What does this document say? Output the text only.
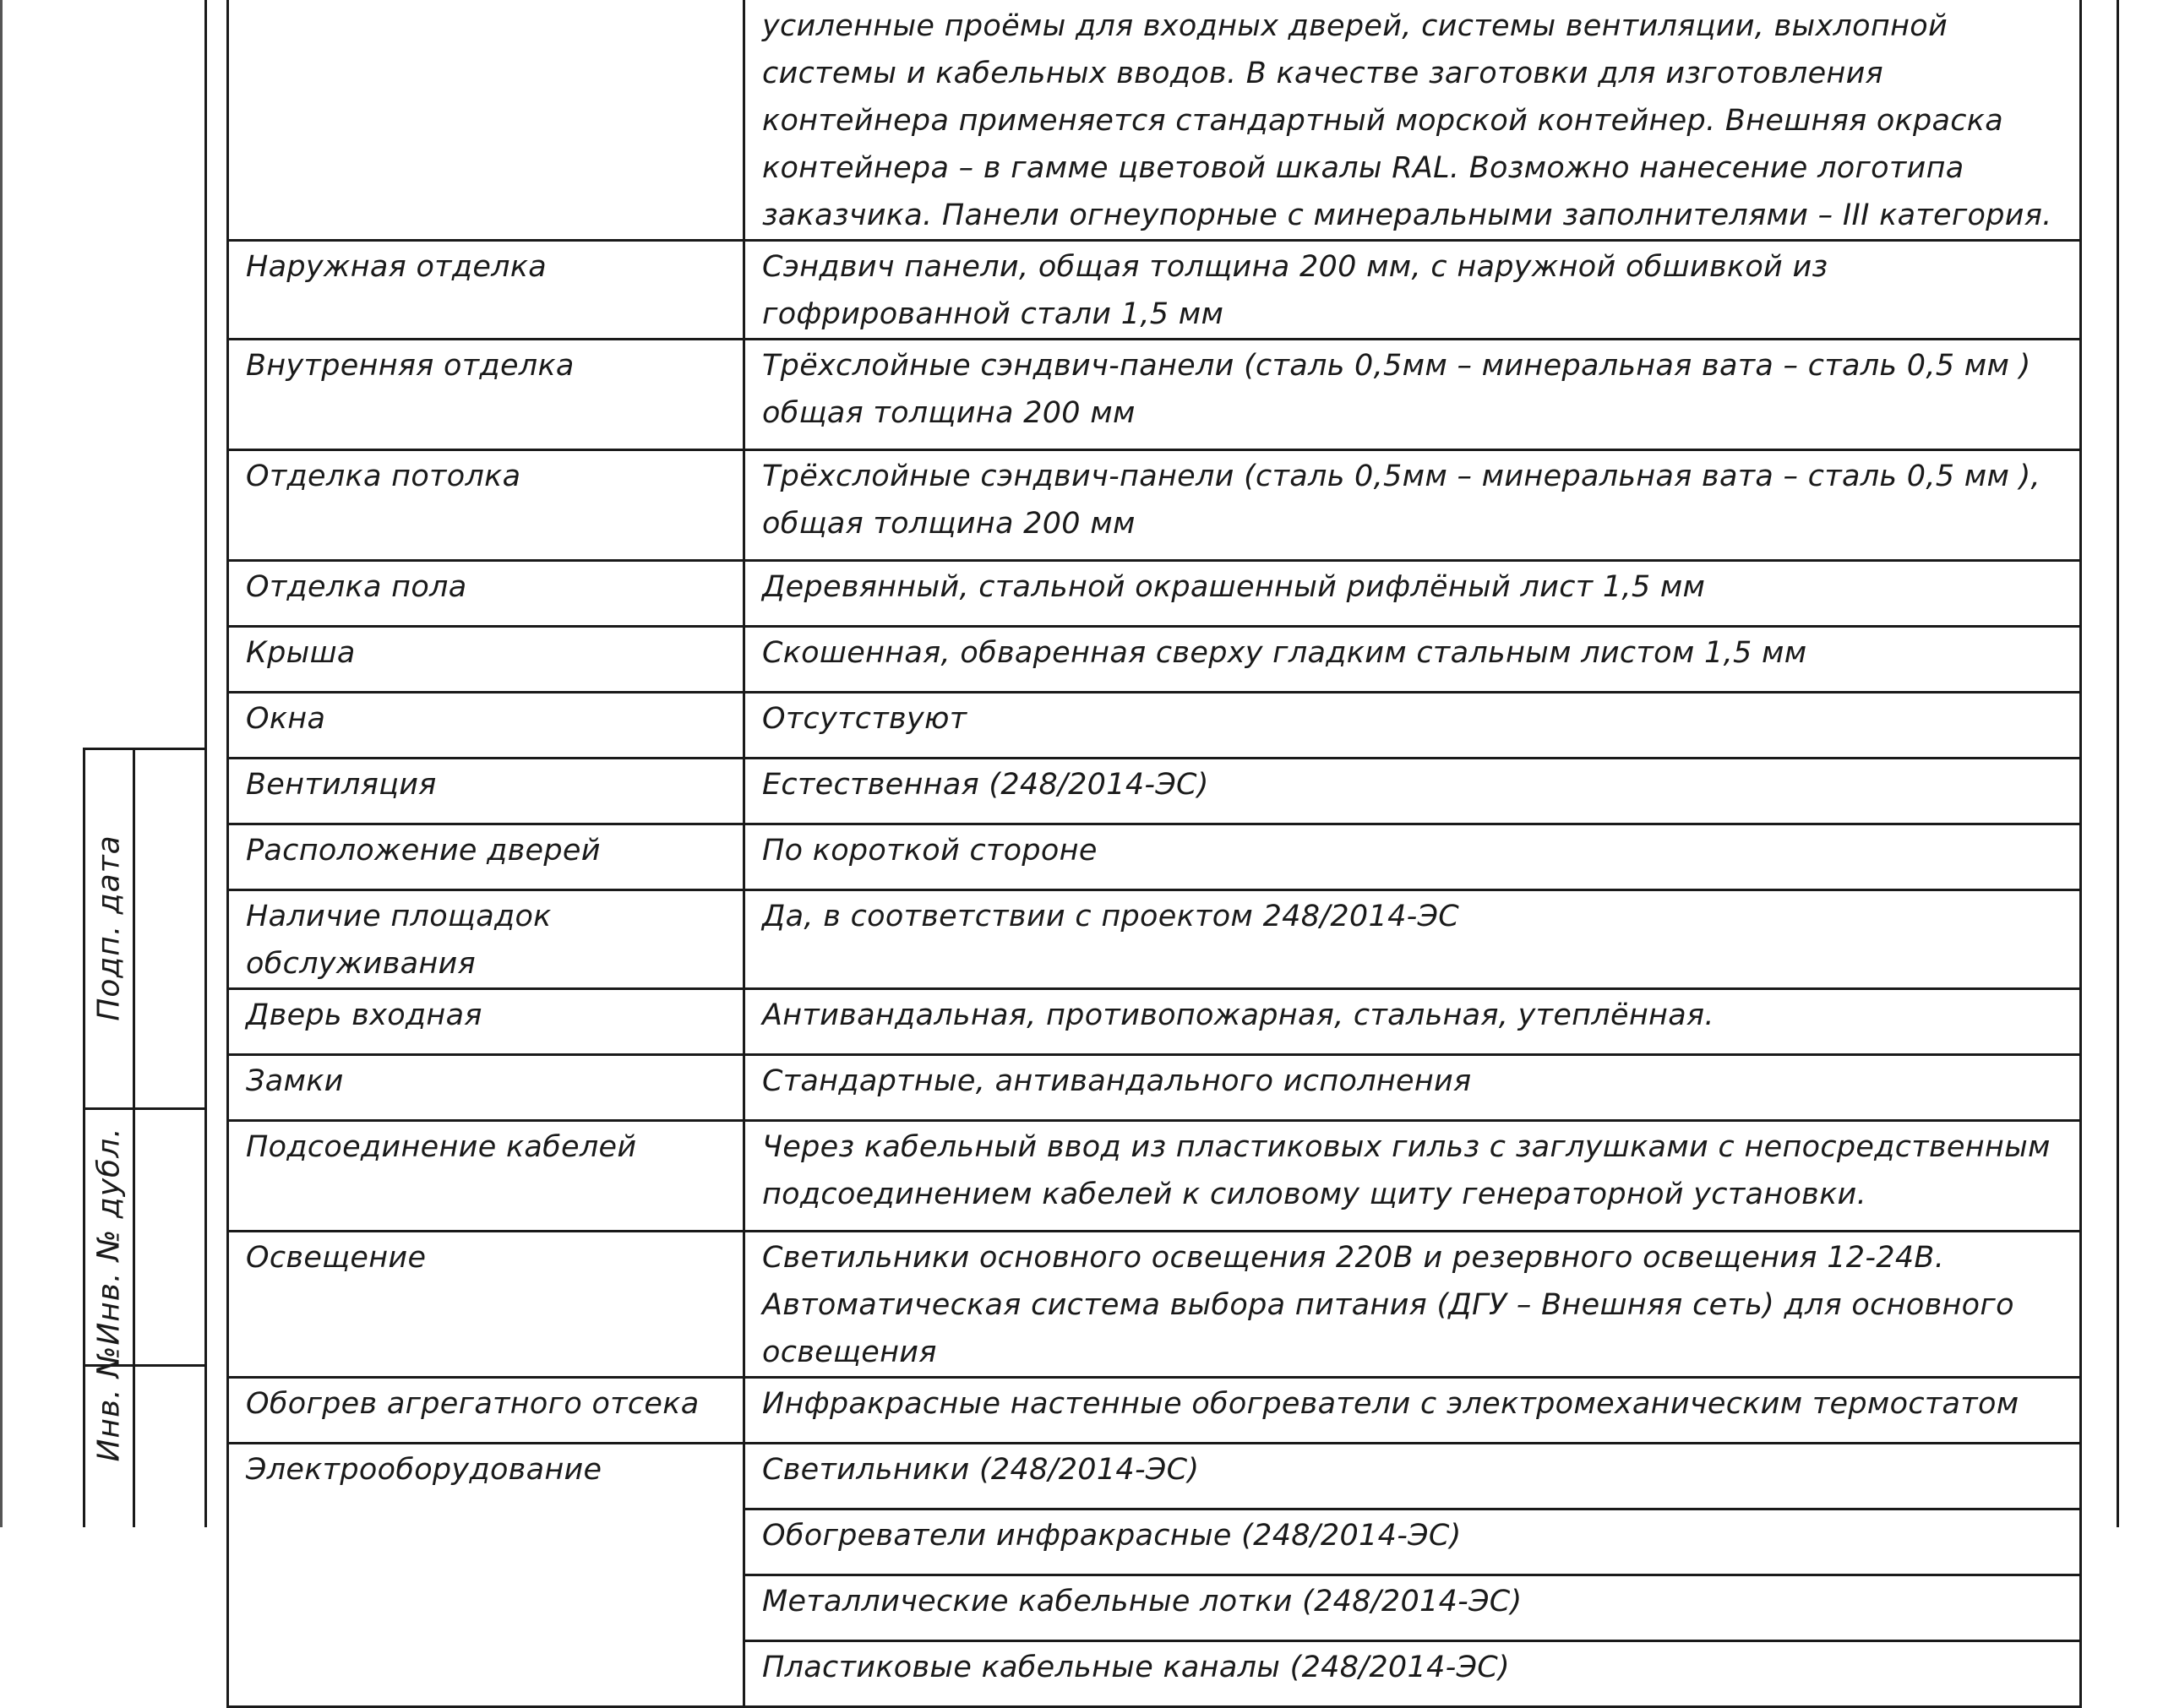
Подп. дата
Инв. № дубл.
Инв. №
	усиленные проёмы для входных дверей, системы вентиляции, выхлопной системы и кабельных вводов. В качестве заготовки для изготовления контейнера применяется стандартный морской контейнер. Внешняя окраска контейнера – в гамме цветовой шкалы RAL. Возможно нанесение логотипа заказчика. Панели огнеупорные с минеральными заполнителями – III категория.
Наружная отделка	Сэндвич панели, общая толщина 200 мм, с наружной обшивкой из гофрированной стали 1,5 мм
Внутренняя отделка	Трёхслойные сэндвич-панели (сталь 0,5мм – минеральная вата – сталь 0,5 мм ) общая толщина 200 мм
Отделка потолка	Трёхслойные сэндвич-панели (сталь 0,5мм – минеральная вата – сталь 0,5 мм ), общая толщина 200 мм
Отделка пола	Деревянный, стальной окрашенный рифлёный лист 1,5 мм
Крыша	Скошенная, обваренная сверху гладким стальным листом 1,5 мм
Окна	Отсутствуют
Вентиляция	Естественная (248/2014-ЭС)
Расположение дверей	По короткой стороне
Наличие площадок обслуживания	Да, в соответствии с проектом 248/2014-ЭС
Дверь входная	Антивандальная, противопожарная, стальная, утеплённая.
Замки	Стандартные, антивандального исполнения
Подсоединение кабелей	Через кабельный ввод из пластиковых гильз с заглушками с непосредственным подсоединением кабелей к силовому щиту генераторной установки.
Освещение	Светильники основного освещения 220В и резервного освещения 12-24В. Автоматическая система выбора питания (ДГУ – Внешняя сеть) для основного освещения
Обогрев агрегатного отсека	Инфракрасные настенные обогреватели с электромеханическим термостатом
Электрооборудование	Светильники (248/2014-ЭС)
	Обогреватели инфракрасные (248/2014-ЭС)
	Металлические кабельные лотки (248/2014-ЭС)
	Пластиковые кабельные каналы (248/2014-ЭС)
